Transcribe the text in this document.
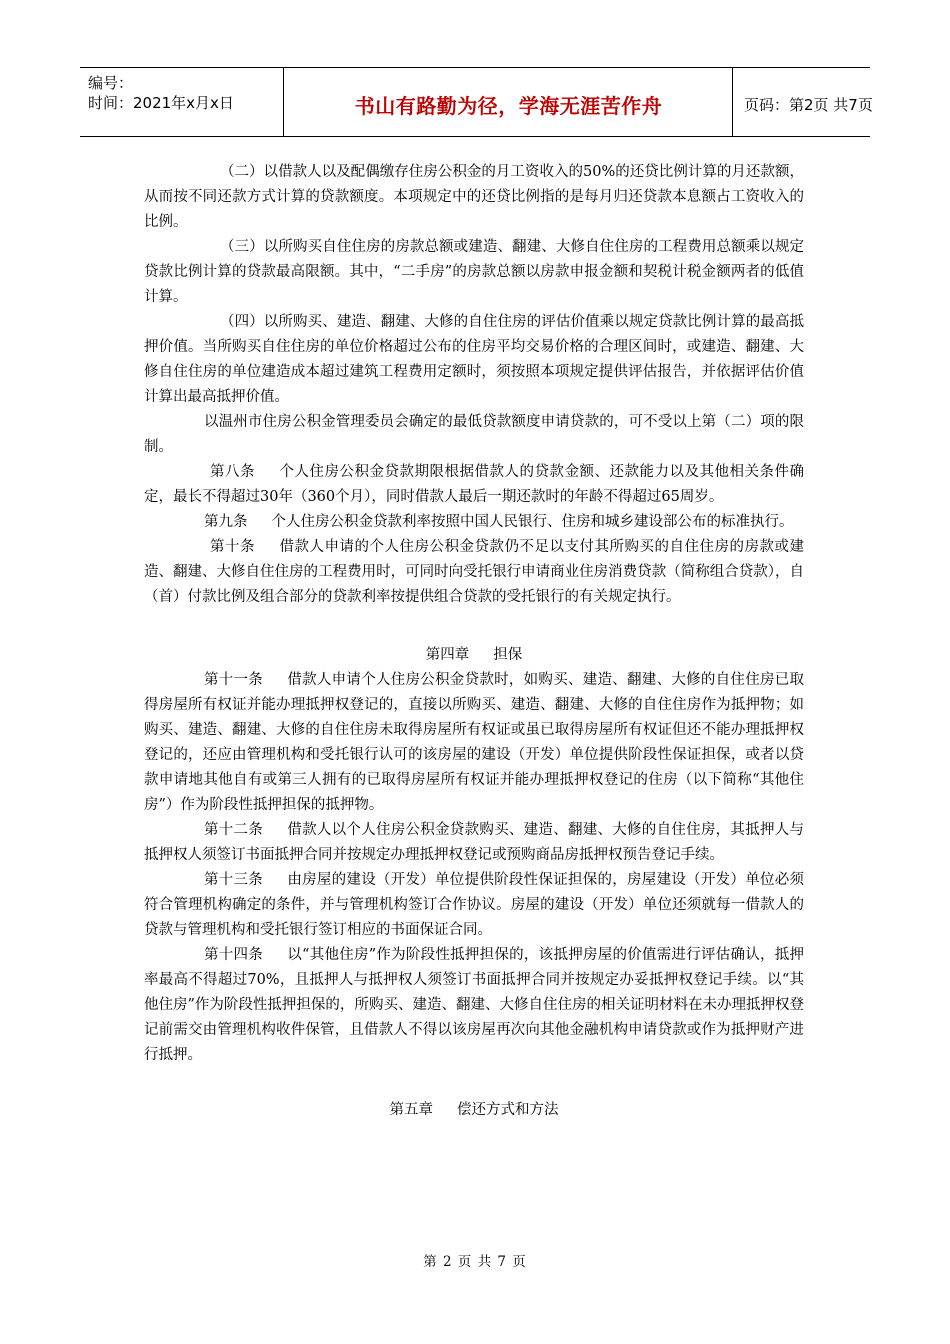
编号：
时间：2021年x月x日	书山有路勤为径，学海无涯苦作舟	页码：第2页 共7页

（二）以借款人以及配偶缴存住房公积金的月工资收入的50%的还贷比例计算的月还款额，从而按不同还款方式计算的贷款额度。本项规定中的还贷比例指的是每月归还贷款本息额占工资收入的比例。

（三）以所购买自住住房的房款总额或建造、翻建、大修自住住房的工程费用总额乘以规定贷款比例计算的贷款最高限额。其中，“二手房”的房款总额以房款申报金额和契税计税金额两者的低值计算。

（四）以所购买、建造、翻建、大修的自住住房的评估价值乘以规定贷款比例计算的最高抵押价值。当所购买自住住房的单位价格超过公布的住房平均交易价格的合理区间时，或建造、翻建、大修自住住房的单位建造成本超过建筑工程费用定额时，须按照本项规定提供评估报告，并依据评估价值计算出最高抵押价值。

以温州市住房公积金管理委员会确定的最低贷款额度申请贷款的，可不受以上第（二）项的限制。

第八条 个人住房公积金贷款期限根据借款人的贷款金额、还款能力以及其他相关条件确定，最长不得超过30年（360个月），同时借款人最后一期还款时的年龄不得超过65周岁。

第九条 个人住房公积金贷款利率按照中国人民银行、住房和城乡建设部公布的标准执行。

第十条 借款人申请的个人住房公积金贷款仍不足以支付其所购买的自住住房的房款或建造、翻建、大修自住住房的工程费用时，可同时向受托银行申请商业住房消费贷款（简称组合贷款），自（首）付款比例及组合部分的贷款利率按提供组合贷款的受托银行的有关规定执行。

第四章 担保

第十一条 借款人申请个人住房公积金贷款时，如购买、建造、翻建、大修的自住住房已取得房屋所有权证并能办理抵押权登记的，直接以所购买、建造、翻建、大修的自住住房作为抵押物；如购买、建造、翻建、大修的自住住房未取得房屋所有权证或虽已取得房屋所有权证但还不能办理抵押权登记的，还应由管理机构和受托银行认可的该房屋的建设（开发）单位提供阶段性保证担保，或者以贷款申请地其他自有或第三人拥有的已取得房屋所有权证并能办理抵押权登记的住房（以下简称“其他住房”）作为阶段性抵押担保的抵押物。

第十二条 借款人以个人住房公积金贷款购买、建造、翻建、大修的自住住房，其抵押人与抵押权人须签订书面抵押合同并按规定办理抵押权登记或预购商品房抵押权预告登记手续。

第十三条 由房屋的建设（开发）单位提供阶段性保证担保的，房屋建设（开发）单位必须符合管理机构确定的条件，并与管理机构签订合作协议。房屋的建设（开发）单位还须就每一借款人的贷款与管理机构和受托银行签订相应的书面保证合同。

第十四条 以“其他住房”作为阶段性抵押担保的，该抵押房屋的价值需进行评估确认，抵押率最高不得超过70%，且抵押人与抵押权人须签订书面抵押合同并按规定办妥抵押权登记手续。以“其他住房”作为阶段性抵押担保的，所购买、建造、翻建、大修自住住房的相关证明材料在未办理抵押权登记前需交由管理机构收件保管，且借款人不得以该房屋再次向其他金融机构申请贷款或作为抵押财产进行抵押。

第五章 偿还方式和方法

第 2 页 共 7 页
